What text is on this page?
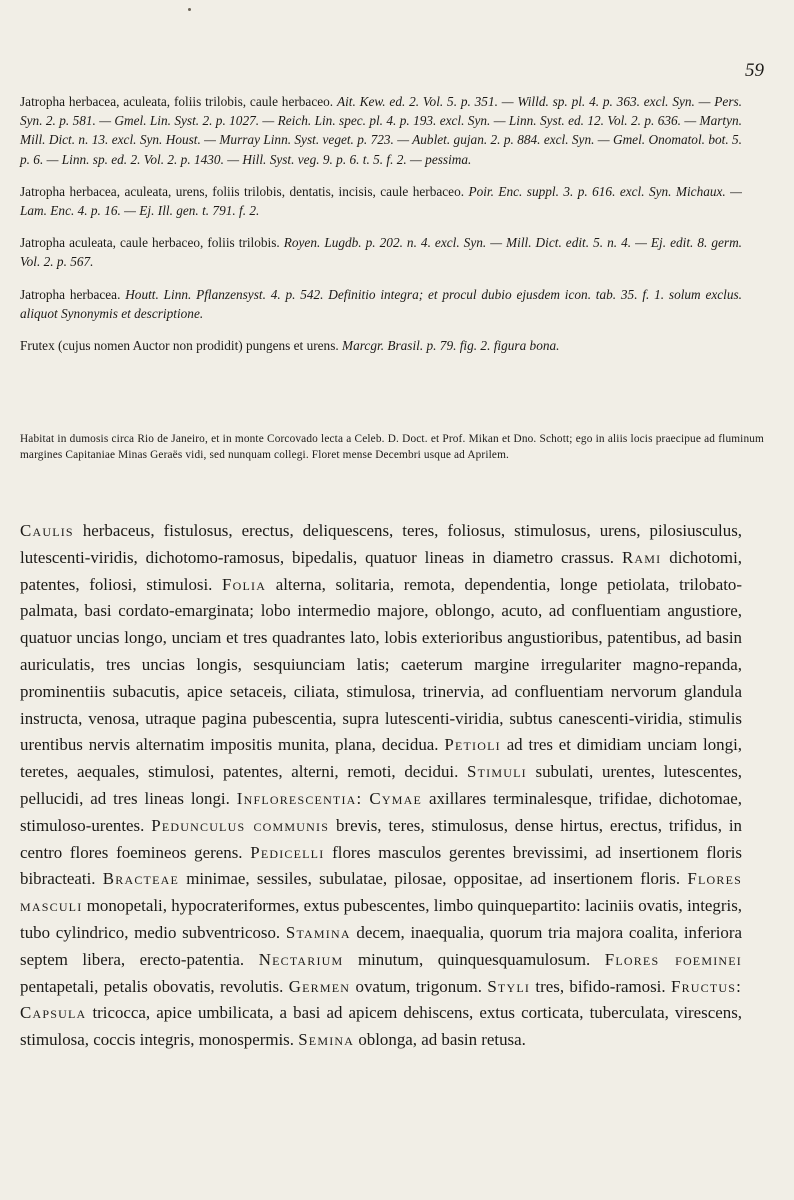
59

Jatropha herbacea, aculeata, foliis trilobis, caule herbaceo. Ait. Kew. ed. 2. Vol. 5. p. 351. — Willd. sp. pl. 4. p. 363. excl. Syn. — Pers. Syn. 2. p. 581. — Gmel. Lin. Syst. 2. p. 1027. — Reich. Lin. spec. pl. 4. p. 193. excl. Syn. — Linn. Syst. ed. 12. Vol. 2. p. 636. — Martyn. Mill. Dict. n. 13. excl. Syn. Houst. — Murray Linn. Syst. veget. p. 723. — Aublet. gujan. 2. p. 884. excl. Syn. — Gmel. Onomatol. bot. 5. p. 6. — Linn. sp. ed. 2. Vol. 2. p. 1430. — Hill. Syst. veg. 9. p. 6. t. 5. f. 2. — pessima.

Jatropha herbacea, aculeata, urens, foliis trilobis, dentatis, incisis, caule herbaceo. Poir. Enc. suppl. 3. p. 616. excl. Syn. Michaux. — Lam. Enc. 4. p. 16. — Ej. Ill. gen. t. 791. f. 2.

Jatropha aculeata, caule herbaceo, foliis trilobis. Royen. Lugdb. p. 202. n. 4. excl. Syn. — Mill. Dict. edit. 5. n. 4. — Ej. edit. 8. germ. Vol. 2. p. 567.

Jatropha herbacea. Houtt. Linn. Pflanzensyst. 4. p. 542. Definitio integra; et procul dubio ejusdem icon. tab. 35. f. 1. solum exclus. aliquot Synonymis et descriptione.

Frutex (cujus nomen Auctor non prodidit) pungens et urens. Marcgr. Brasil. p. 79. fig. 2. figura bona.

Habitat in dumosis circa Rio de Janeiro, et in monte Corcovado lecta a Celeb. D. Doct. et Prof. Mikan et Dno. Schott; ego in aliis locis praecipue ad fluminum margines Capitaniae Minas Geraës vidi, sed nunquam collegi. Floret mense Decembri usque ad Aprilem.
Caulis herbaceus, fistulosus, erectus, deliquescens, teres, foliosus, stimulosus, urens, pilosiusculus, lutescenti-viridis, dichotomo-ramosus, bipedalis, quatuor lineas in diametro crassus. Rami dichotomi, patentes, foliosi, stimulosi. Folia alterna, solitaria, remota, dependentia, longe petiolata, trilobato-palmata, basi cordato-emarginata; lobo intermedio majore, oblongo, acuto, ad confluentiam angustiore, quatuor uncias longo, unciam et tres quadrantes lato, lobis exterioribus angustioribus, patentibus, ad basin auriculatis, tres uncias longis, sesquiunciam latis; caeterum margine irregulariter magno-repanda, prominentiis subacutis, apice setaceis, ciliata, stimulosa, trinervia, ad confluentiam nervorum glandula instructa, venosa, utraque pagina pubescentia, supra lutescenti-viridia, subtus canescenti-viridia, stimulis urentibus nervis alternatim impositis munita, plana, decidua. Petioli ad tres et dimidiam unciam longi, teretes, aequales, stimulosi, patentes, alterni, remoti, decidui. Stimuli subulati, urentes, lutescentes, pellucidi, ad tres lineas longi. Inflorescentia: Cymae axillares terminalesque, trifidae, dichotomae, stimuloso-urentes. Pedunculus communis brevis, teres, stimulosus, dense hirtus, erectus, trifidus, in centro flores foemineos gerens. Pedicelli flores masculos gerentes brevissimi, ad insertionem floris bibracteati. Bracteae minimae, sessiles, subulatae, pilosae, oppositae, ad insertionem floris. Flores masculi monopetali, hypocrateriformes, extus pubescentes, limbo quinquepartito: laciniis ovatis, integris, tubo cylindrico, medio subventricoso. Stamina decem, inaequalia, quorum tria majora coalita, inferiora septem libera, erecto-patentia. Nectarium minutum, quinquesquamulosum. Flores foeminei pentapetali, petalis obovatis, revolutis. Germen ovatum, trigonum. Styli tres, bifido-ramosi. Fructus: Capsula tricocca, apice umbilicata, a basi ad apicem dehiscens, extus corticata, tuberculata, virescens, stimulosa, coccis integris, monospermis. Semina oblonga, ad basin retusa.
